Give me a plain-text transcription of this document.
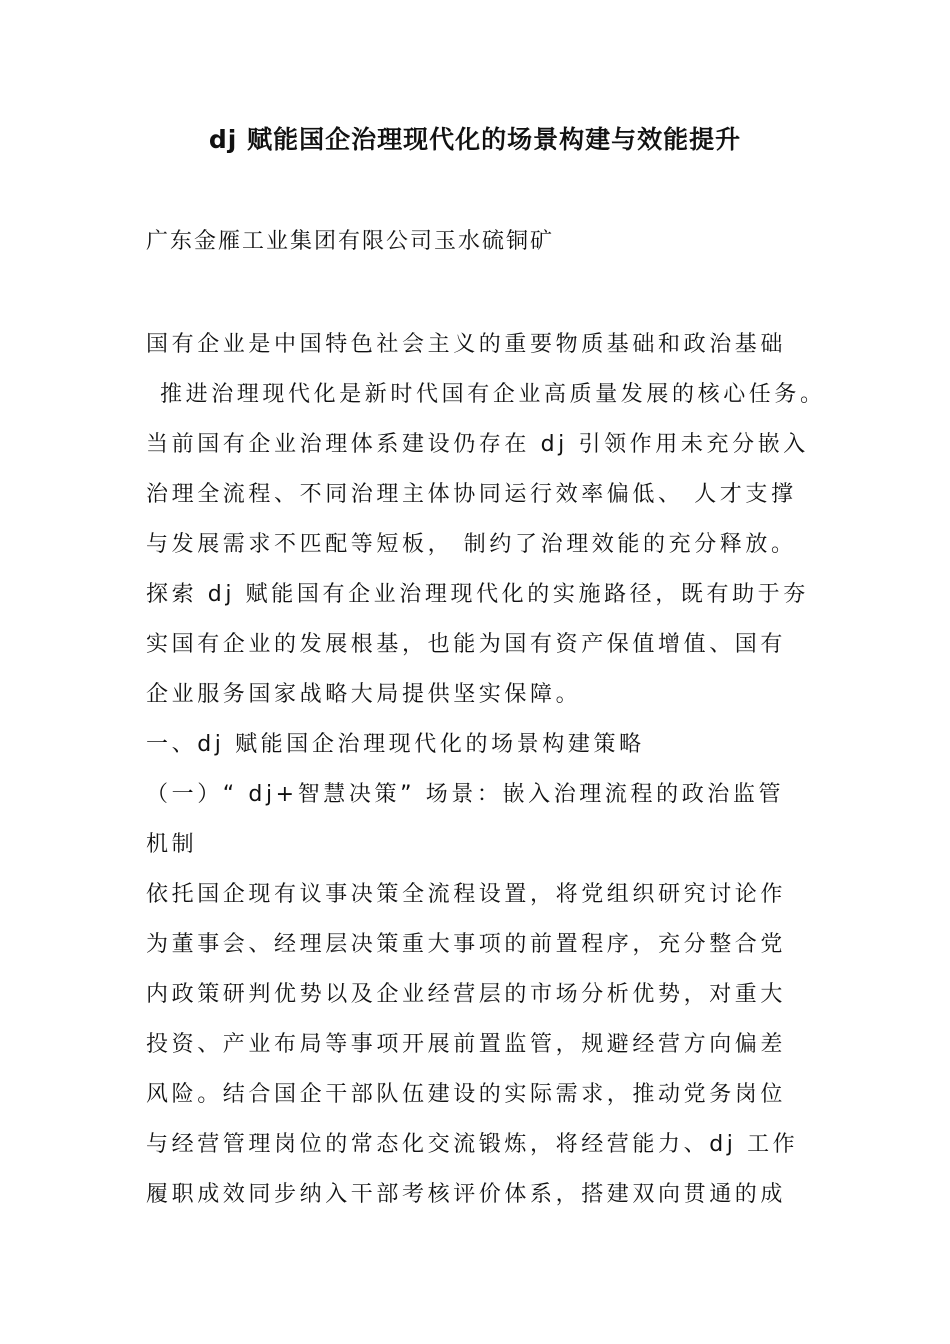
dj 赋能国企治理现代化的场景构建与效能提升

广东金雁工业集团有限公司玉水硫铜矿

国有企业是中国特色社会主义的重要物质基础和政治基础
推进治理现代化是新时代国有企业高质量发展的核心任务。
当前国有企业治理体系建设仍存在 dj 引领作用未充分嵌入
治理全流程、不同治理主体协同运行效率偏低、 人才支撑
与发展需求不匹配等短板， 制约了治理效能的充分释放。
探索 dj 赋能国有企业治理现代化的实施路径，既有助于夯
实国有企业的发展根基，也能为国有资产保值增值、国有
企业服务国家战略大局提供坚实保障。
一、dj 赋能国企治理现代化的场景构建策略
（一）“ dj+智慧决策” 场景：嵌入治理流程的政治监管
机制
依托国企现有议事决策全流程设置，将党组织研究讨论作
为董事会、经理层决策重大事项的前置程序，充分整合党
内政策研判优势以及企业经营层的市场分析优势，对重大
投资、产业布局等事项开展前置监管，规避经营方向偏差
风险。结合国企干部队伍建设的实际需求，推动党务岗位
与经营管理岗位的常态化交流锻炼，将经营能力、dj 工作
履职成效同步纳入干部考核评价体系，搭建双向贯通的成
